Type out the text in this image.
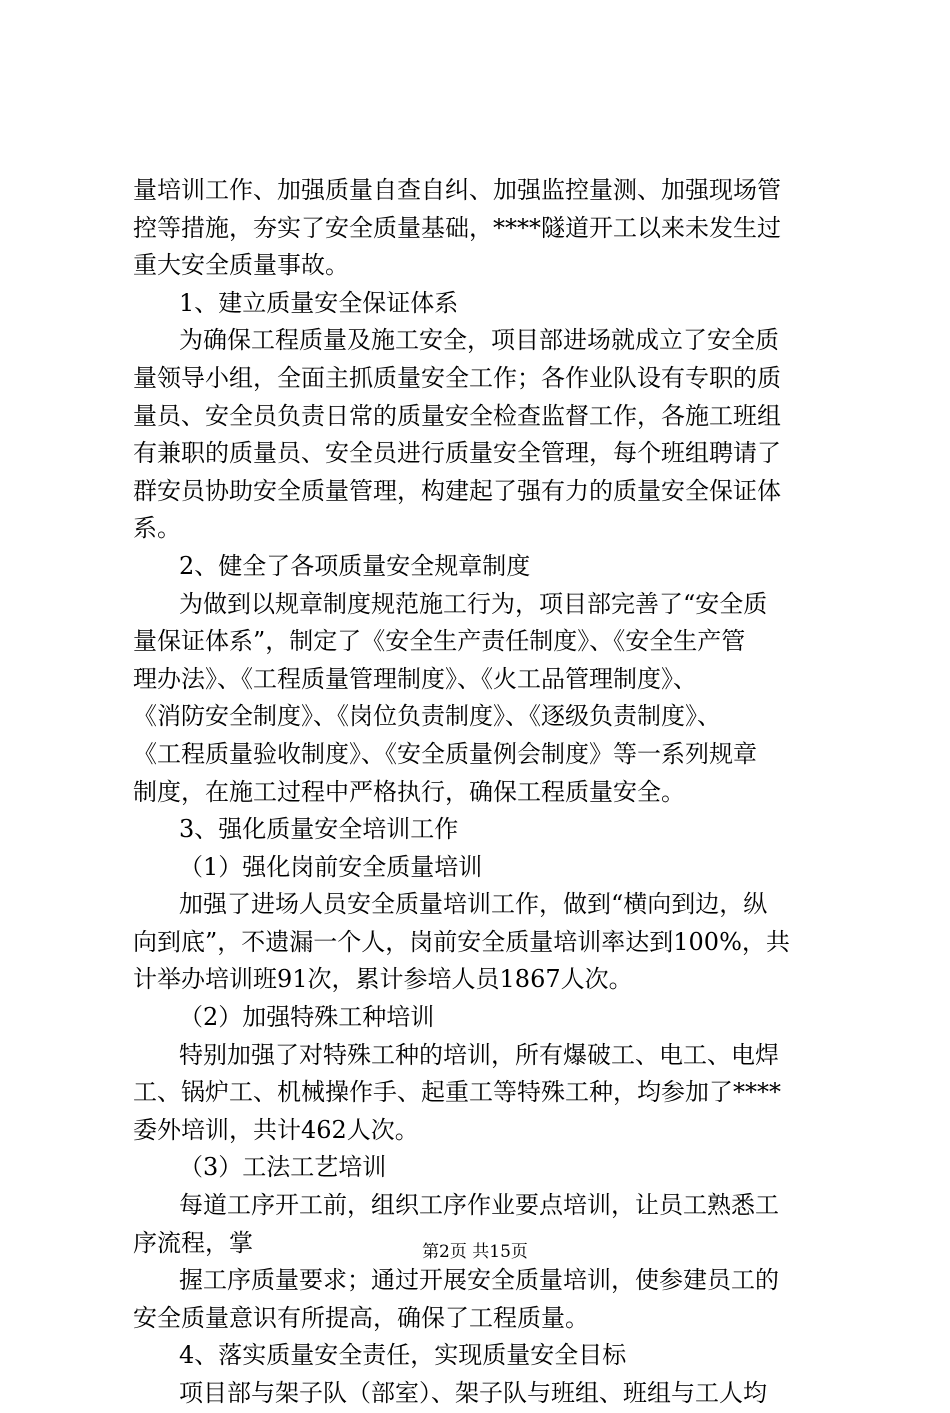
量培训工作、加强质量自查自纠、加强监控量测、加强现场管
控等措施，夯实了安全质量基础，****隧道开工以来未发生过
重大安全质量事故。
1、建立质量安全保证体系
为确保工程质量及施工安全，项目部进场就成立了安全质
量领导小组，全面主抓质量安全工作；各作业队设有专职的质
量员、安全员负责日常的质量安全检查监督工作，各施工班组
有兼职的质量员、安全员进行质量安全管理，每个班组聘请了
群安员协助安全质量管理，构建起了强有力的质量安全保证体
系。
2、健全了各项质量安全规章制度
为做到以规章制度规范施工行为，项目部完善了“安全质
量保证体系”，制定了《安全生产责任制度》、《安全生产管
理办法》、《工程质量管理制度》、《火工品管理制度》、
《消防安全制度》、《岗位负责制度》、《逐级负责制度》、
《工程质量验收制度》、《安全质量例会制度》等一系列规章
制度，在施工过程中严格执行，确保工程质量安全。
3、强化质量安全培训工作
（1）强化岗前安全质量培训
加强了进场人员安全质量培训工作，做到“横向到边，纵
向到底”，不遗漏一个人，岗前安全质量培训率达到100%，共
计举办培训班91次，累计参培人员1867人次。
（2）加强特殊工种培训
特别加强了对特殊工种的培训，所有爆破工、电工、电焊
工、锅炉工、机械操作手、起重工等特殊工种，均参加了****
委外培训，共计462人次。
（3）工法工艺培训
每道工序开工前，组织工序作业要点培训，让员工熟悉工
序流程，掌
握工序质量要求；通过开展安全质量培训，使参建员工的
安全质量意识有所提高，确保了工程质量。
4、落实质量安全责任，实现质量安全目标
项目部与架子队（部室）、架子队与班组、班组与工人均
第2页 共15页
